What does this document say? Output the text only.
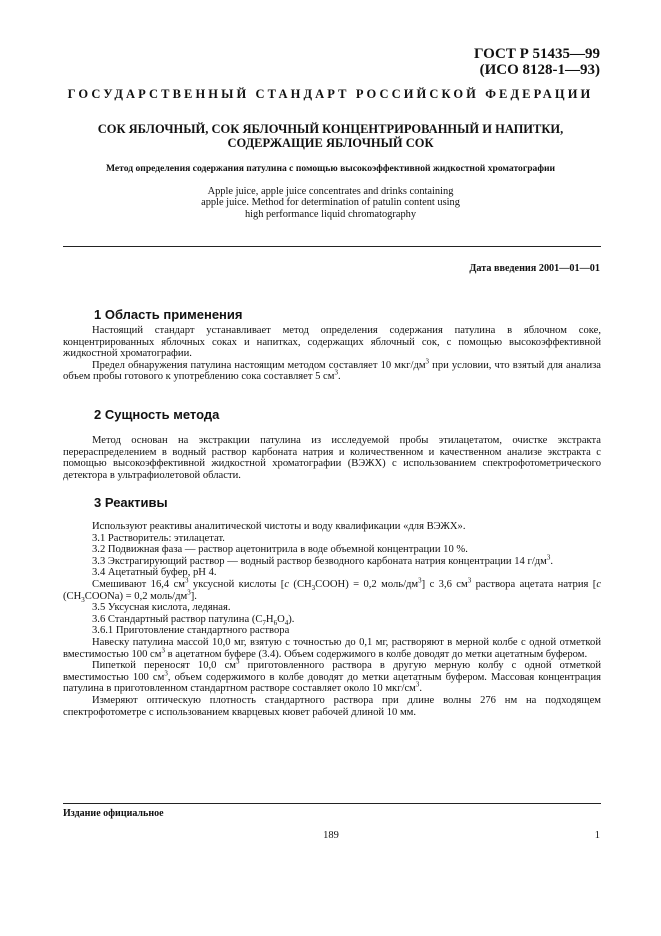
ГОСТ Р 51435—99
(ИСО 8128-1—93)
ГОСУДАРСТВЕННЫЙ СТАНДАРТ РОССИЙСКОЙ ФЕДЕРАЦИИ
СОК ЯБЛОЧНЫЙ, СОК ЯБЛОЧНЫЙ КОНЦЕНТРИРОВАННЫЙ И НАПИТКИ,
СОДЕРЖАЩИЕ ЯБЛОЧНЫЙ СОК
Метод определения содержания патулина с помощью высокоэффективной жидкостной хроматографии
Apple juice, apple juice concentrates and drinks containing
apple juice. Method for determination of patulin content using
high performance liquid chromatography
Дата введения 2001—01—01
1 Область применения

Настоящий стандарт устанавливает метод определения содержания патулина в яблочном соке, концентрированных яблочных соках и напитках, содержащих яблочный сок, с помощью высокоэффективной жидкостной хроматографии.

Предел обнаружения патулина настоящим методом составляет 10 мкг/$дм^3$ при условии, что взятый для анализа объем пробы готового к употреблению сока составляет 5 $см^3$.

2 Сущность метода

Метод основан на экстракции патулина из исследуемой пробы этилацетатом, очистке экстракта перераспределением в водный раствор карбоната натрия и количественном и качественном анализе экстракта с помощью высокоэффективной жидкостной хроматографии (ВЭЖХ) с использованием спектрофотометрического детектора в ультрафиолетовой области.

3 Реактивы

Используют реактивы аналитической чистоты и воду квалификации «для ВЭЖХ».

3.1 Растворитель: этилацетат.

3.2 Подвижная фаза — раствор ацетонитрила в воде объемной концентрации 10 %.

3.3 Экстрагирующий раствор — водный раствор безводного карбоната натрия концентрации 14 $г/дм^3$.

3.4 Ацетатный буфер, рН 4.

Смешивают 16,4 $см^3$ уксусной кислоты [c $(CH_3COOH) = 0,2$ моль/$дм^3$] с 3,6 $см^3$ раствора ацетата натрия [c $(CH_3COONa) = 0,2$ моль/$дм^3$].

3.5 Уксусная кислота, ледяная.

3.6 Стандартный раствор патулина $(C_7H_6O_4)$.

3.6.1 Приготовление стандартного раствора

Навеску патулина массой 10,0 мг, взятую с точностью до 0,1 мг, растворяют в мерной колбе с одной отметкой вместимостью 100 $см^3$ в ацетатном буфере (3.4). Объем содержимого в колбе доводят до метки ацетатным буфером.

Пипеткой переносят 10,0 $см^3$ приготовленного раствора в другую мерную колбу с одной отметкой вместимостью 100 $см^3$, объем содержимого в колбе доводят до метки ацетатным буфером. Массовая концентрация патулина в приготовленном стандартном растворе составляет около 10 мкг/$см^3$.

Измеряют оптическую плотность стандартного раствора при длине волны 276 нм на подходящем спектрофотометре с использованием кварцевых кювет рабочей длиной 10 мм.

Издание официальное
189	1
